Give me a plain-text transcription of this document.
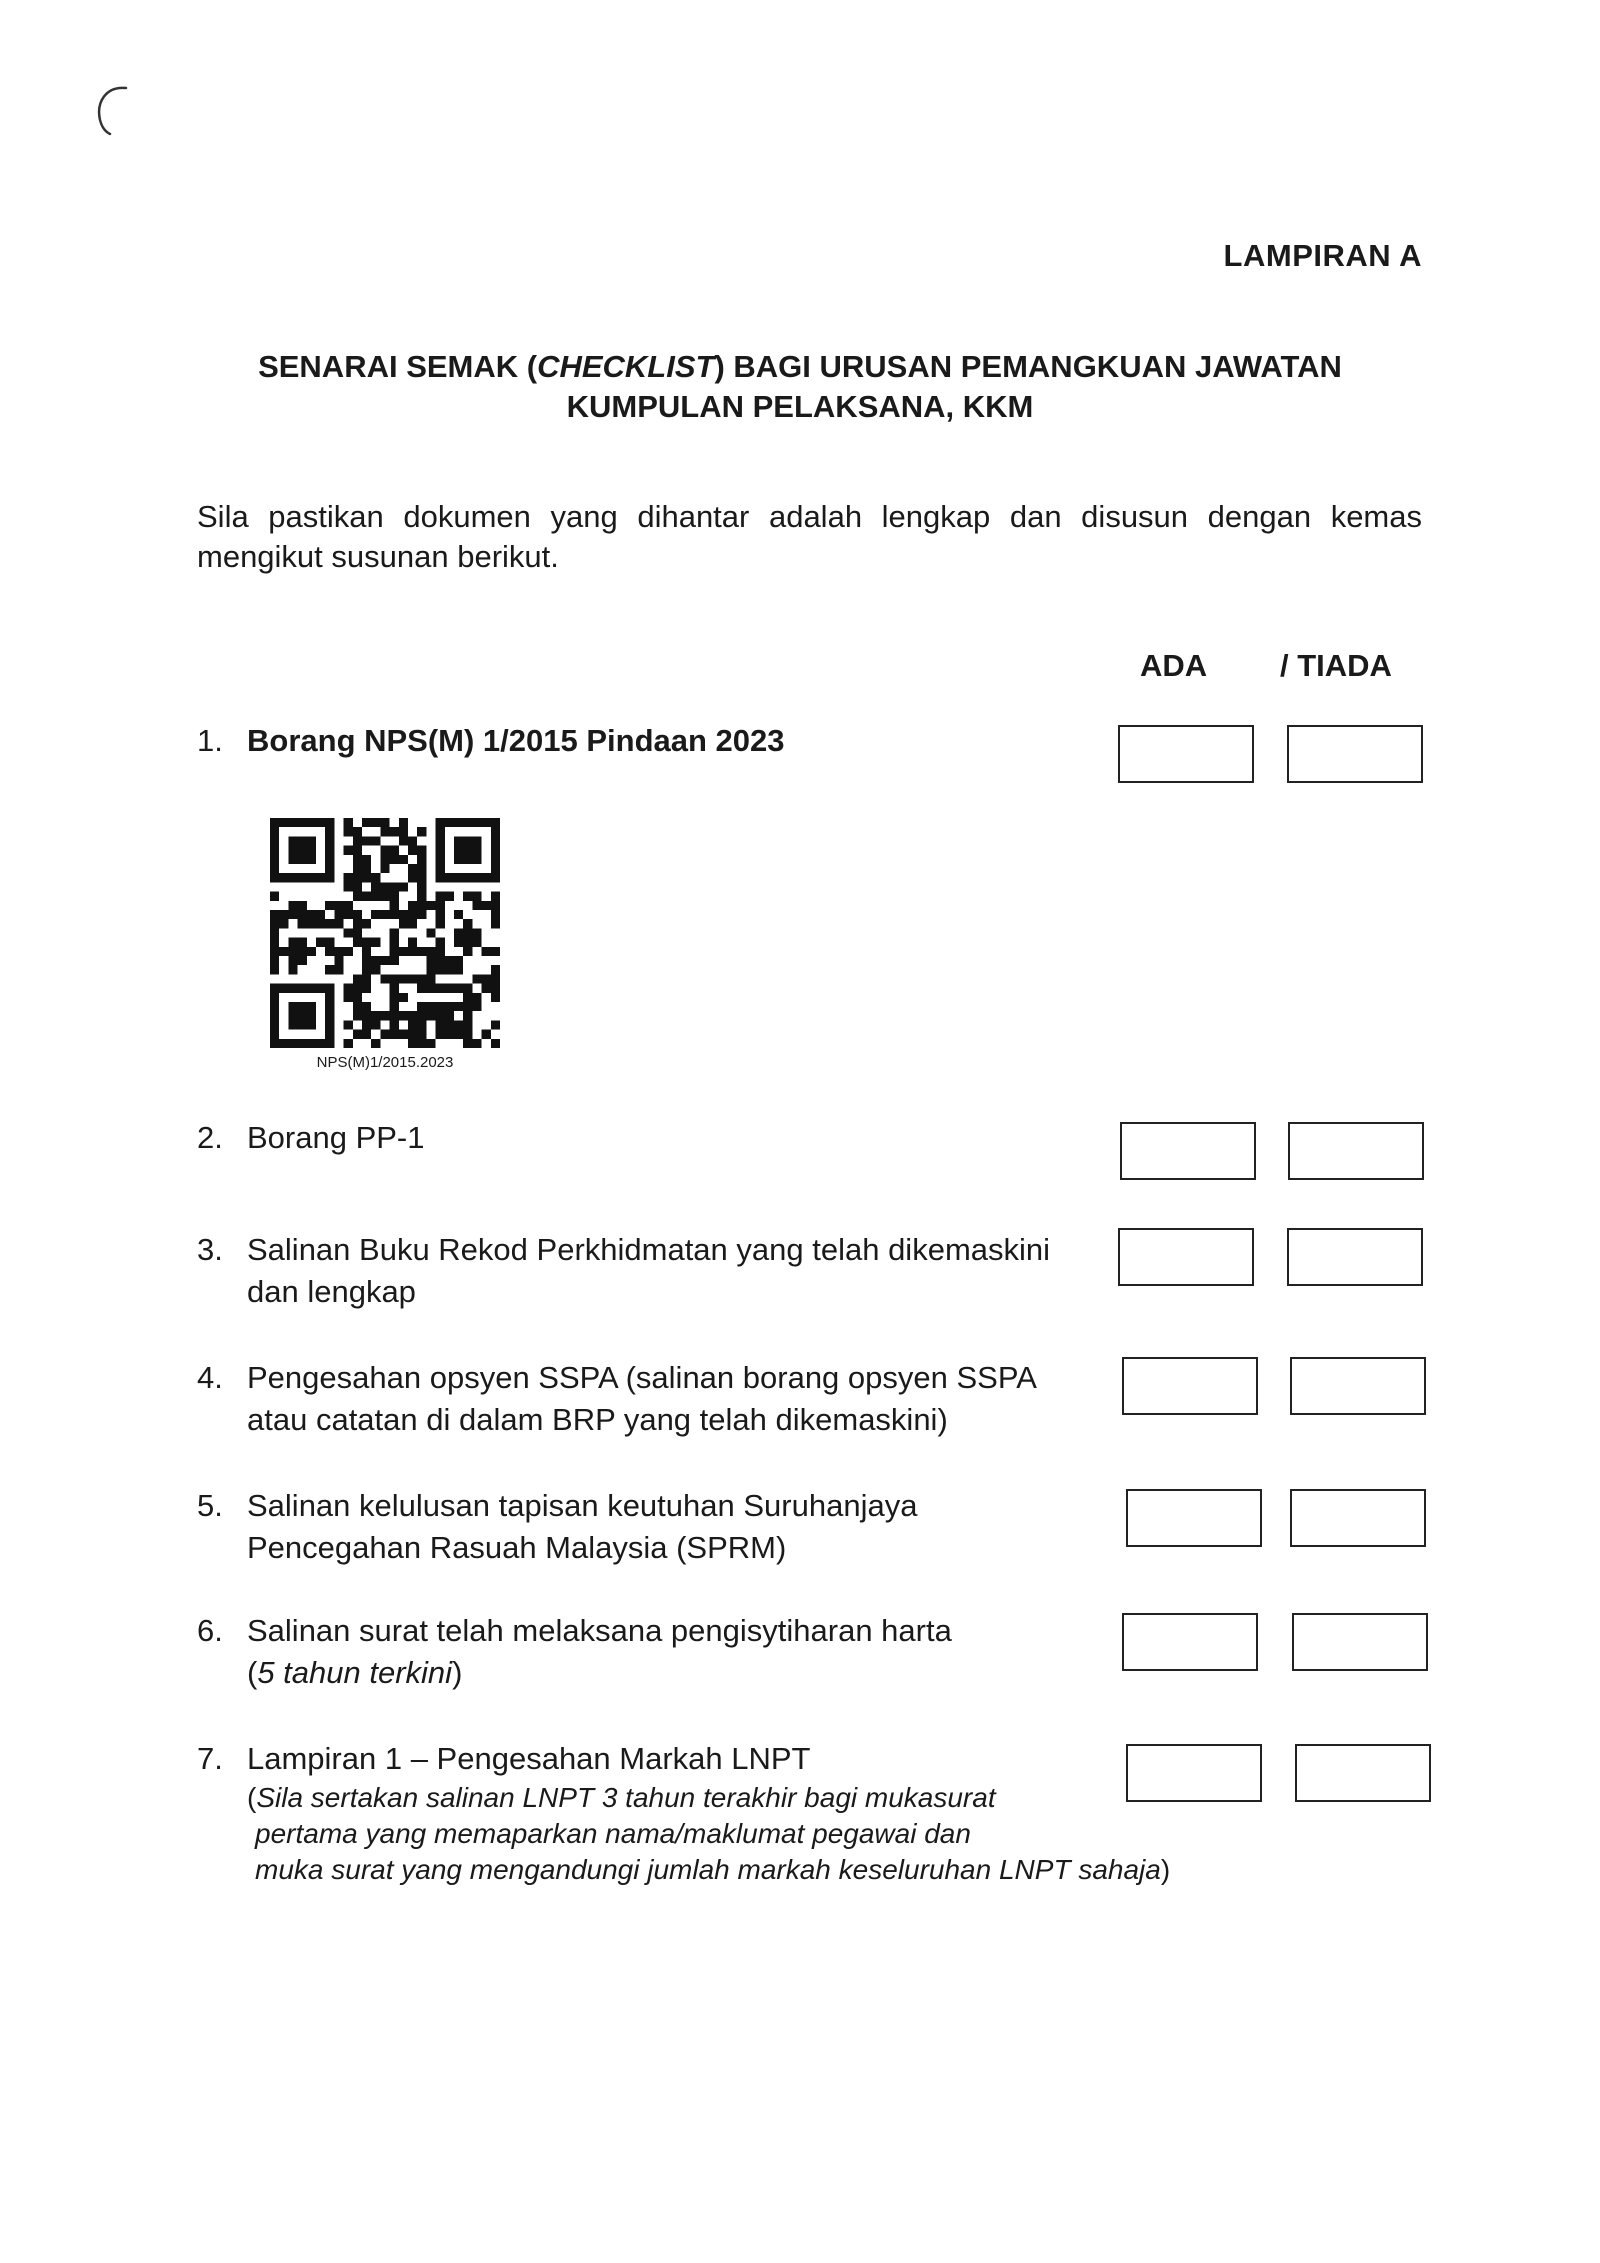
LAMPIRAN A
SENARAI SEMAK (CHECKLIST) BAGI URUSAN PEMANGKUAN JAWATAN
KUMPULAN PELAKSANA, KKM
Sila pastikan dokumen yang dihantar adalah lengkap dan disusun dengan kemas mengikut susunan berikut.
ADA / TIADA
1. Borang NPS(M) 1/2015 Pindaan 2023
NPS(M)1/2015.2023
2. Borang PP-1
3. Salinan Buku Rekod Perkhidmatan yang telah dikemaskini
dan lengkap
4. Pengesahan opsyen SSPA (salinan borang opsyen SSPA
atau catatan di dalam BRP yang telah dikemaskini)
5. Salinan kelulusan tapisan keutuhan Suruhanjaya
Pencegahan Rasuah Malaysia (SPRM)
6. Salinan surat telah melaksana pengisytiharan harta
(5 tahun terkini)
7. Lampiran 1 – Pengesahan Markah LNPT
(Sila sertakan salinan LNPT 3 tahun terakhir bagi mukasurat
pertama yang memaparkan nama/maklumat pegawai dan
muka surat yang mengandungi jumlah markah keseluruhan LNPT sahaja)
